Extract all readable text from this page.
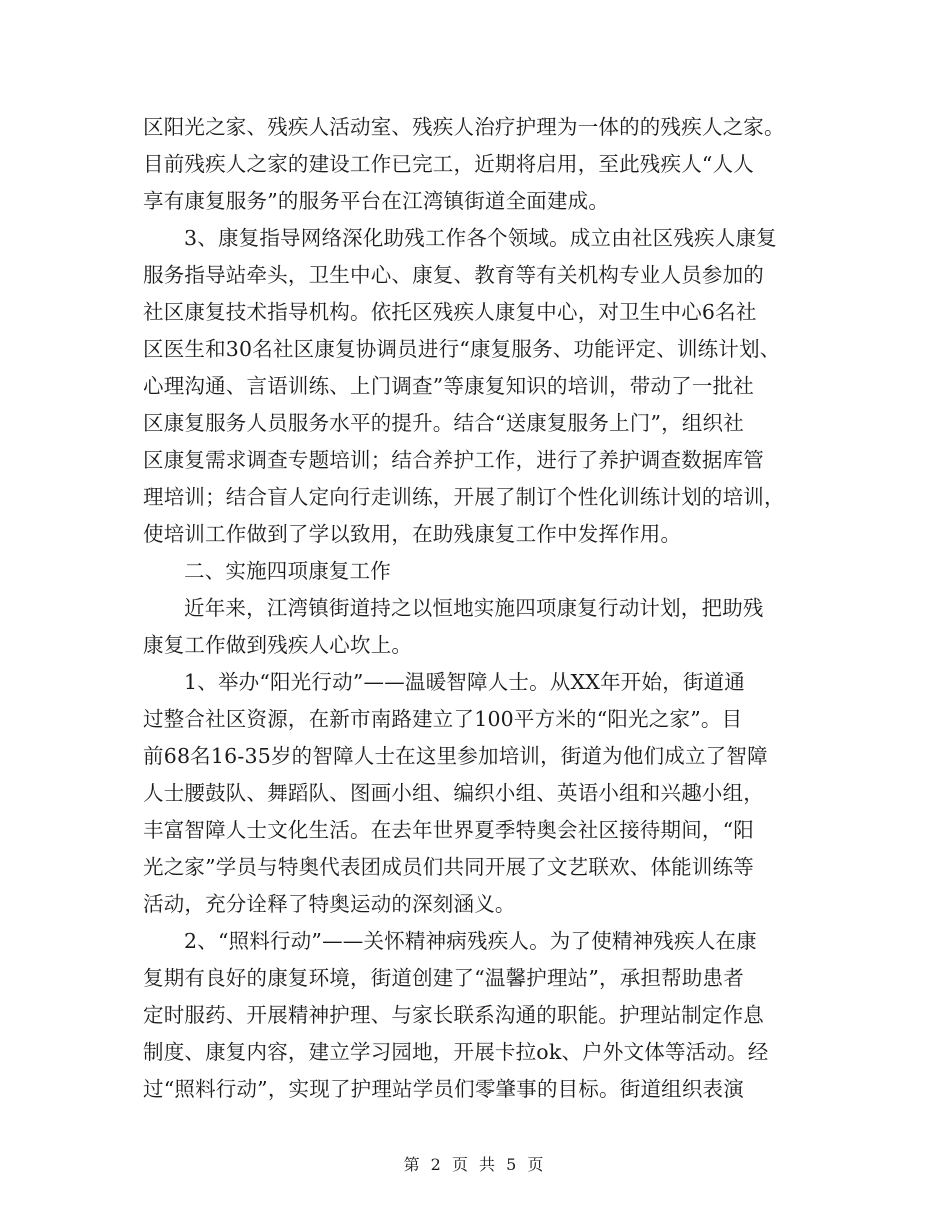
区阳光之家、残疾人活动室、残疾人治疗护理为一体的的残疾人之家。
目前残疾人之家的建设工作已完工，近期将启用，至此残疾人“人人
享有康复服务”的服务平台在江湾镇街道全面建成。
3、康复指导网络深化助残工作各个领域。成立由社区残疾人康复
服务指导站牵头，卫生中心、康复、教育等有关机构专业人员参加的
社区康复技术指导机构。依托区残疾人康复中心，对卫生中心6名社
区医生和30名社区康复协调员进行“康复服务、功能评定、训练计划、
心理沟通、言语训练、上门调查”等康复知识的培训，带动了一批社
区康复服务人员服务水平的提升。结合“送康复服务上门”，组织社
区康复需求调查专题培训；结合养护工作，进行了养护调查数据库管
理培训；结合盲人定向行走训练，开展了制订个性化训练计划的培训，
使培训工作做到了学以致用，在助残康复工作中发挥作用。
二、实施四项康复工作
近年来，江湾镇街道持之以恒地实施四项康复行动计划，把助残
康复工作做到残疾人心坎上。
1、举办“阳光行动”——温暖智障人士。从XX年开始，街道通
过整合社区资源，在新市南路建立了100平方米的“阳光之家”。目
前68名16-35岁的智障人士在这里参加培训，街道为他们成立了智障
人士腰鼓队、舞蹈队、图画小组、编织小组、英语小组和兴趣小组，
丰富智障人士文化生活。在去年世界夏季特奥会社区接待期间，“阳
光之家”学员与特奥代表团成员们共同开展了文艺联欢、体能训练等
活动，充分诠释了特奥运动的深刻涵义。
2、“照料行动”——关怀精神病残疾人。为了使精神残疾人在康
复期有良好的康复环境，街道创建了“温馨护理站”，承担帮助患者
定时服药、开展精神护理、与家长联系沟通的职能。护理站制定作息
制度、康复内容，建立学习园地，开展卡拉ok、户外文体等活动。经
过“照料行动”，实现了护理站学员们零肇事的目标。街道组织表演
第 2 页 共 5 页
